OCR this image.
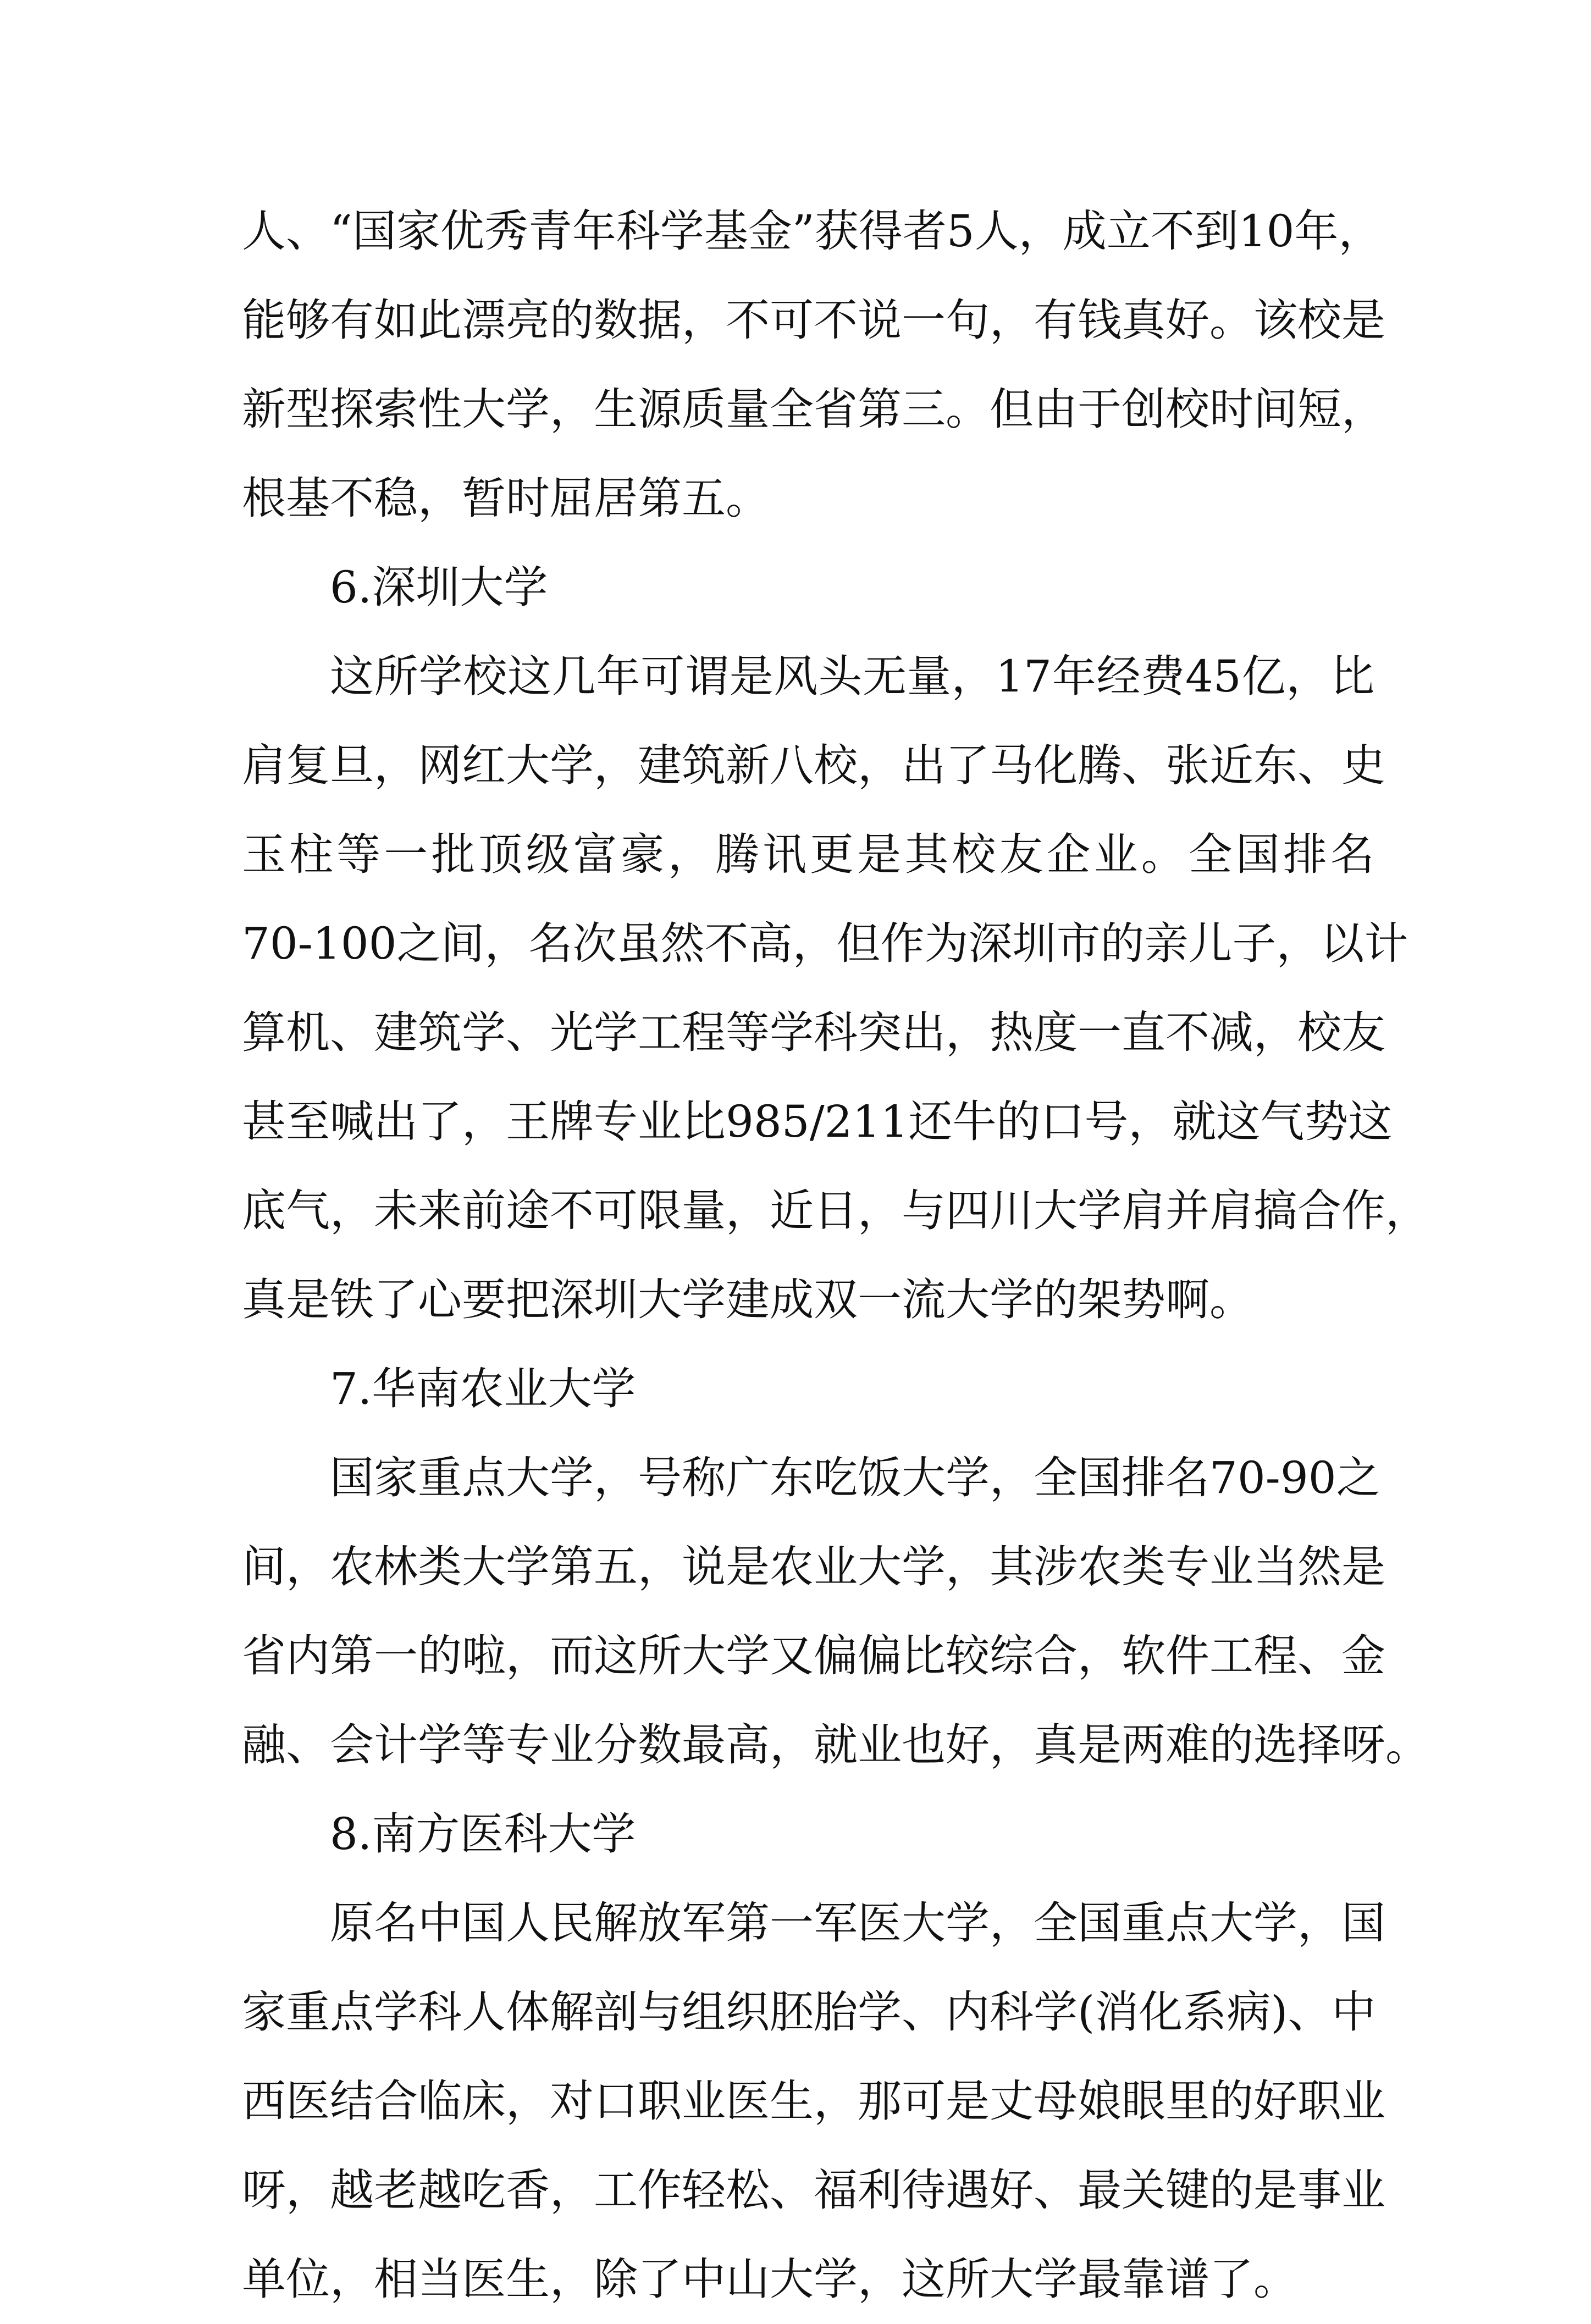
人、“国家优秀青年科学基金”获得者5人，成立不到10年，
能够有如此漂亮的数据，不可不说一句，有钱真好。该校是
新型探索性大学，生源质量全省第三。但由于创校时间短，
根基不稳，暂时屈居第五。
6.深圳大学
这所学校这几年可谓是风头无量，17年经费45亿，比
肩复旦，网红大学，建筑新八校，出了马化腾、张近东、史
玉柱等一批顶级富豪，腾讯更是其校友企业。全国排名
70-100之间，名次虽然不高，但作为深圳市的亲儿子，以计
算机、建筑学、光学工程等学科突出，热度一直不减，校友
甚至喊出了，王牌专业比985/211还牛的口号，就这气势这
底气，未来前途不可限量，近日，与四川大学肩并肩搞合作，
真是铁了心要把深圳大学建成双一流大学的架势啊。
7.华南农业大学
国家重点大学，号称广东吃饭大学，全国排名70-90之
间，农林类大学第五，说是农业大学，其涉农类专业当然是
省内第一的啦，而这所大学又偏偏比较综合，软件工程、金
融、会计学等专业分数最高，就业也好，真是两难的选择呀。
8.南方医科大学
原名中国人民解放军第一军医大学，全国重点大学，国
家重点学科人体解剖与组织胚胎学、内科学(消化系病)、中
西医结合临床，对口职业医生，那可是丈母娘眼里的好职业
呀，越老越吃香，工作轻松、福利待遇好、最关键的是事业
单位，相当医生，除了中山大学，这所大学最靠谱了。
